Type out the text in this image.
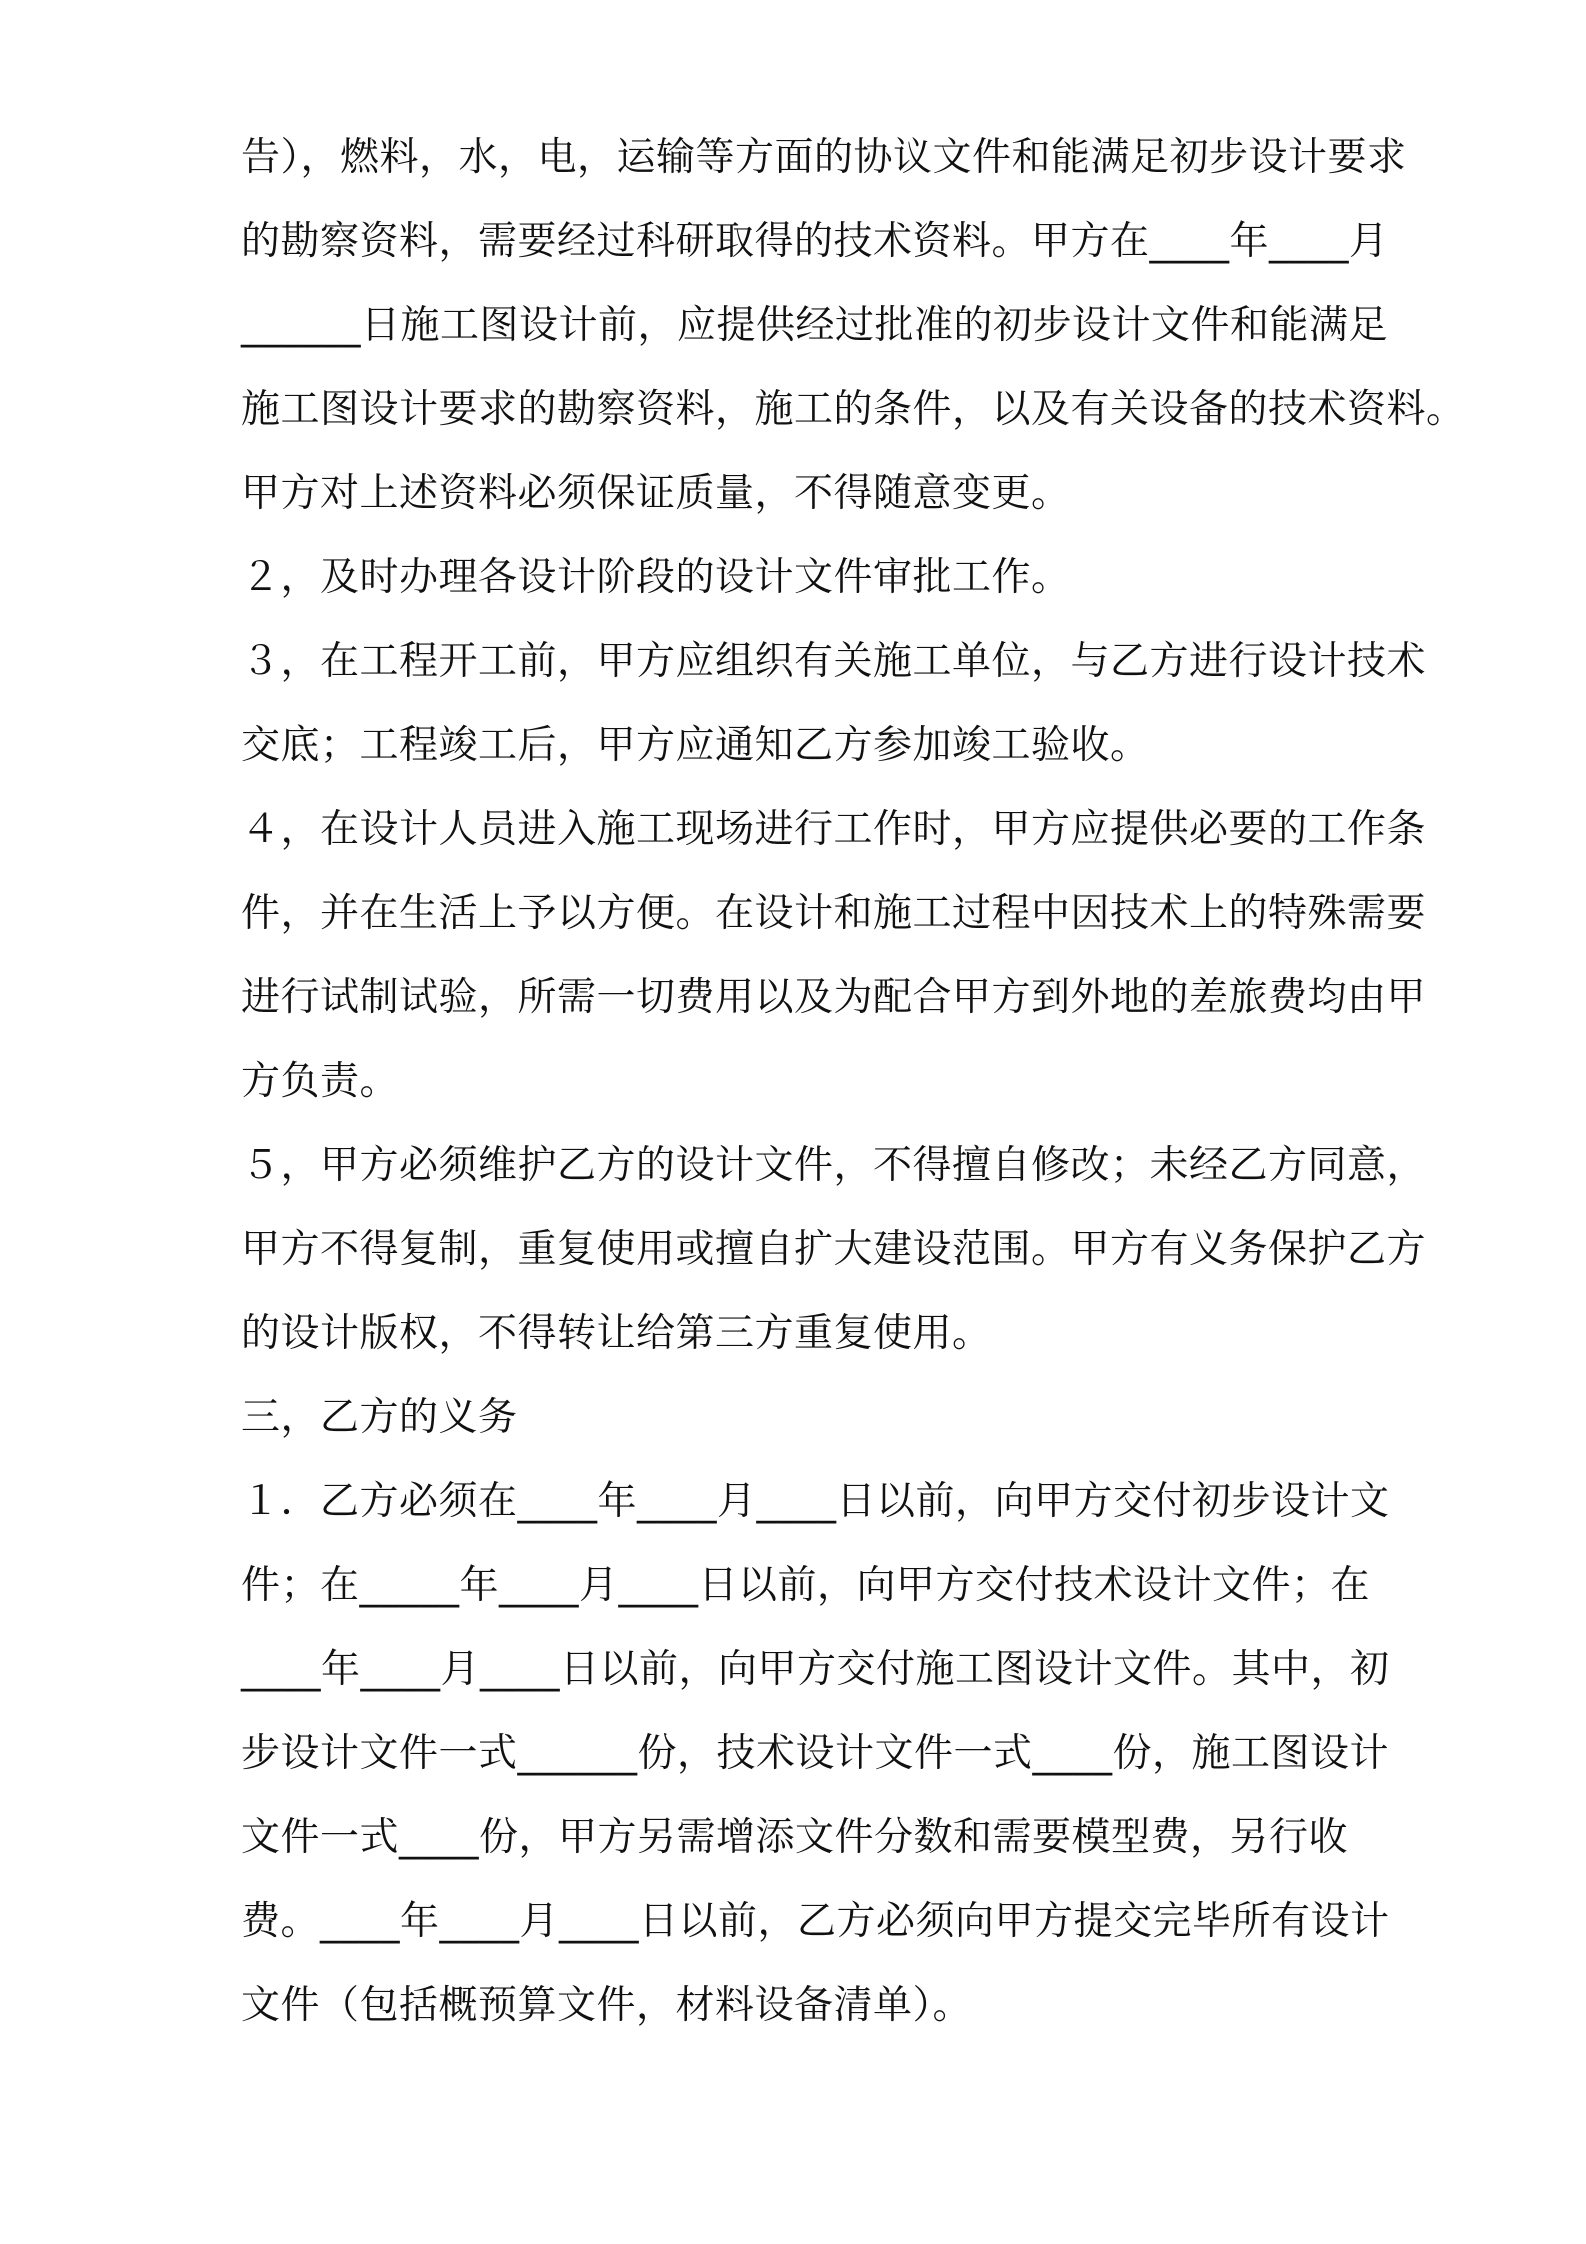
告），燃料，水，电，运输等方面的协议文件和能满足初步设计要求

的勘察资料，需要经过科研取得的技术资料。甲方在____年____月

______日施工图设计前，应提供经过批准的初步设计文件和能满足

施工图设计要求的勘察资料，施工的条件，以及有关设备的技术资料。

甲方对上述资料必须保证质量，不得随意变更。

２，及时办理各设计阶段的设计文件审批工作。

３，在工程开工前，甲方应组织有关施工单位，与乙方进行设计技术

交底；工程竣工后，甲方应通知乙方参加竣工验收。

４，在设计人员进入施工现场进行工作时，甲方应提供必要的工作条

件，并在生活上予以方便。在设计和施工过程中因技术上的特殊需要

进行试制试验，所需一切费用以及为配合甲方到外地的差旅费均由甲

方负责。

５，甲方必须维护乙方的设计文件，不得擅自修改；未经乙方同意，

甲方不得复制，重复使用或擅自扩大建设范围。甲方有义务保护乙方

的设计版权，不得转让给第三方重复使用。

三，乙方的义务

１．乙方必须在____年____月____日以前，向甲方交付初步设计文

件；在_____年____月____日以前，向甲方交付技术设计文件；在

____年____月____日以前，向甲方交付施工图设计文件。其中，初

步设计文件一式______份，技术设计文件一式____份，施工图设计

文件一式____份，甲方另需增添文件分数和需要模型费，另行收

费。____年____月____日以前，乙方必须向甲方提交完毕所有设计

文件（包括概预算文件，材料设备清单）。
